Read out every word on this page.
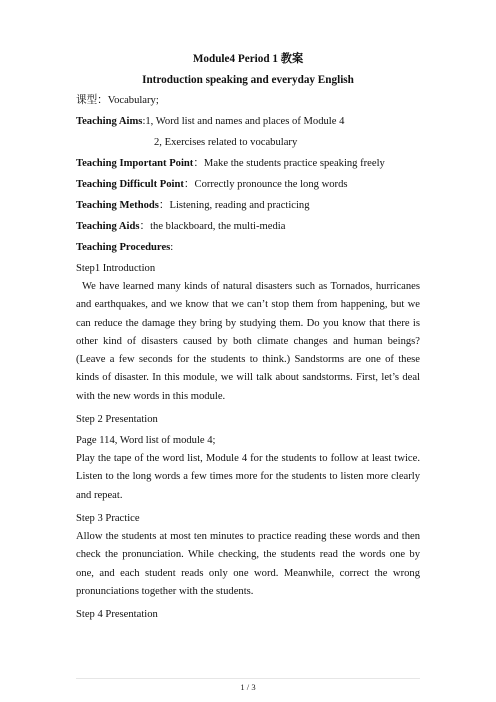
Module4 Period 1 教案

Introduction speaking and everyday English

课型：Vocabulary;

Teaching Aims:1, Word list and names and places of Module 4

2, Exercises related to vocabulary

Teaching Important Point：Make the students practice speaking freely

Teaching Difficult Point：Correctly pronounce the long words

Teaching Methods：Listening, reading and practicing

Teaching Aids：the blackboard, the multi-media

Teaching Procedures:

Step1 Introduction

We have learned many kinds of natural disasters such as Tornados, hurricanes and earthquakes, and we know that we can’t stop them from happening, but we can reduce the damage they bring by studying them. Do you know that there is other kind of disasters caused by both climate changes and human beings? (Leave a few seconds for the students to think.) Sandstorms are one of these kinds of disaster. In this module, we will talk about sandstorms. First, let’s deal with the new words in this module.

Step 2 Presentation

Page 114, Word list of module 4;

Play the tape of the word list, Module 4 for the students to follow at least twice. Listen to the long words a few times more for the students to listen more clearly and repeat.

Step 3 Practice

Allow the students at most ten minutes to practice reading these words and then check the pronunciation. While checking, the students read the words one by one, and each student reads only one word. Meanwhile, correct the wrong pronunciations together with the students.

Step 4 Presentation

1 / 3
